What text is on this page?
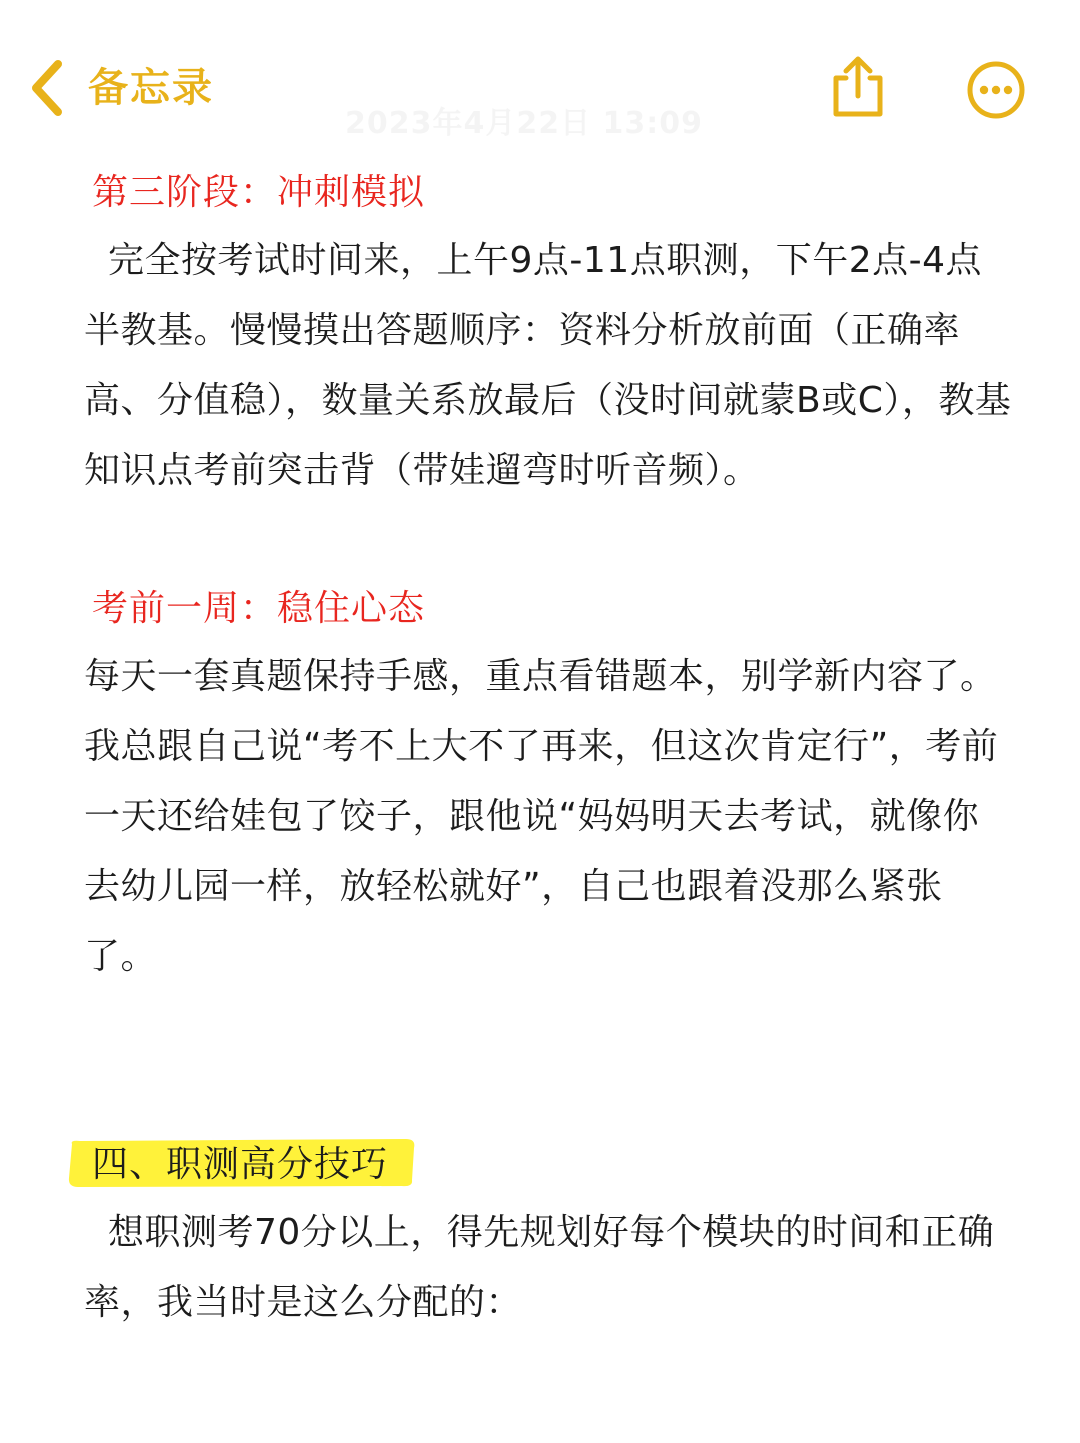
备忘录

第三阶段：冲刺模拟

完全按考试时间来，上午9点-11点职测，下午2点-4点半教基。慢慢摸出答题顺序：资料分析放前面（正确率高、分值稳），数量关系放最后（没时间就蒙B或C），教基知识点考前突击背（带娃遛弯时听音频）。

考前一周：稳住心态

每天一套真题保持手感，重点看错题本，别学新内容了。我总跟自己说“考不上大不了再来，但这次肯定行”，考前一天还给娃包了饺子，跟他说“妈妈明天去考试，就像你去幼儿园一样，放轻松就好”，自己也跟着没那么紧张了。

四、职测高分技巧

想职测考70分以上，得先规划好每个模块的时间和正确率，我当时是这么分配的：
